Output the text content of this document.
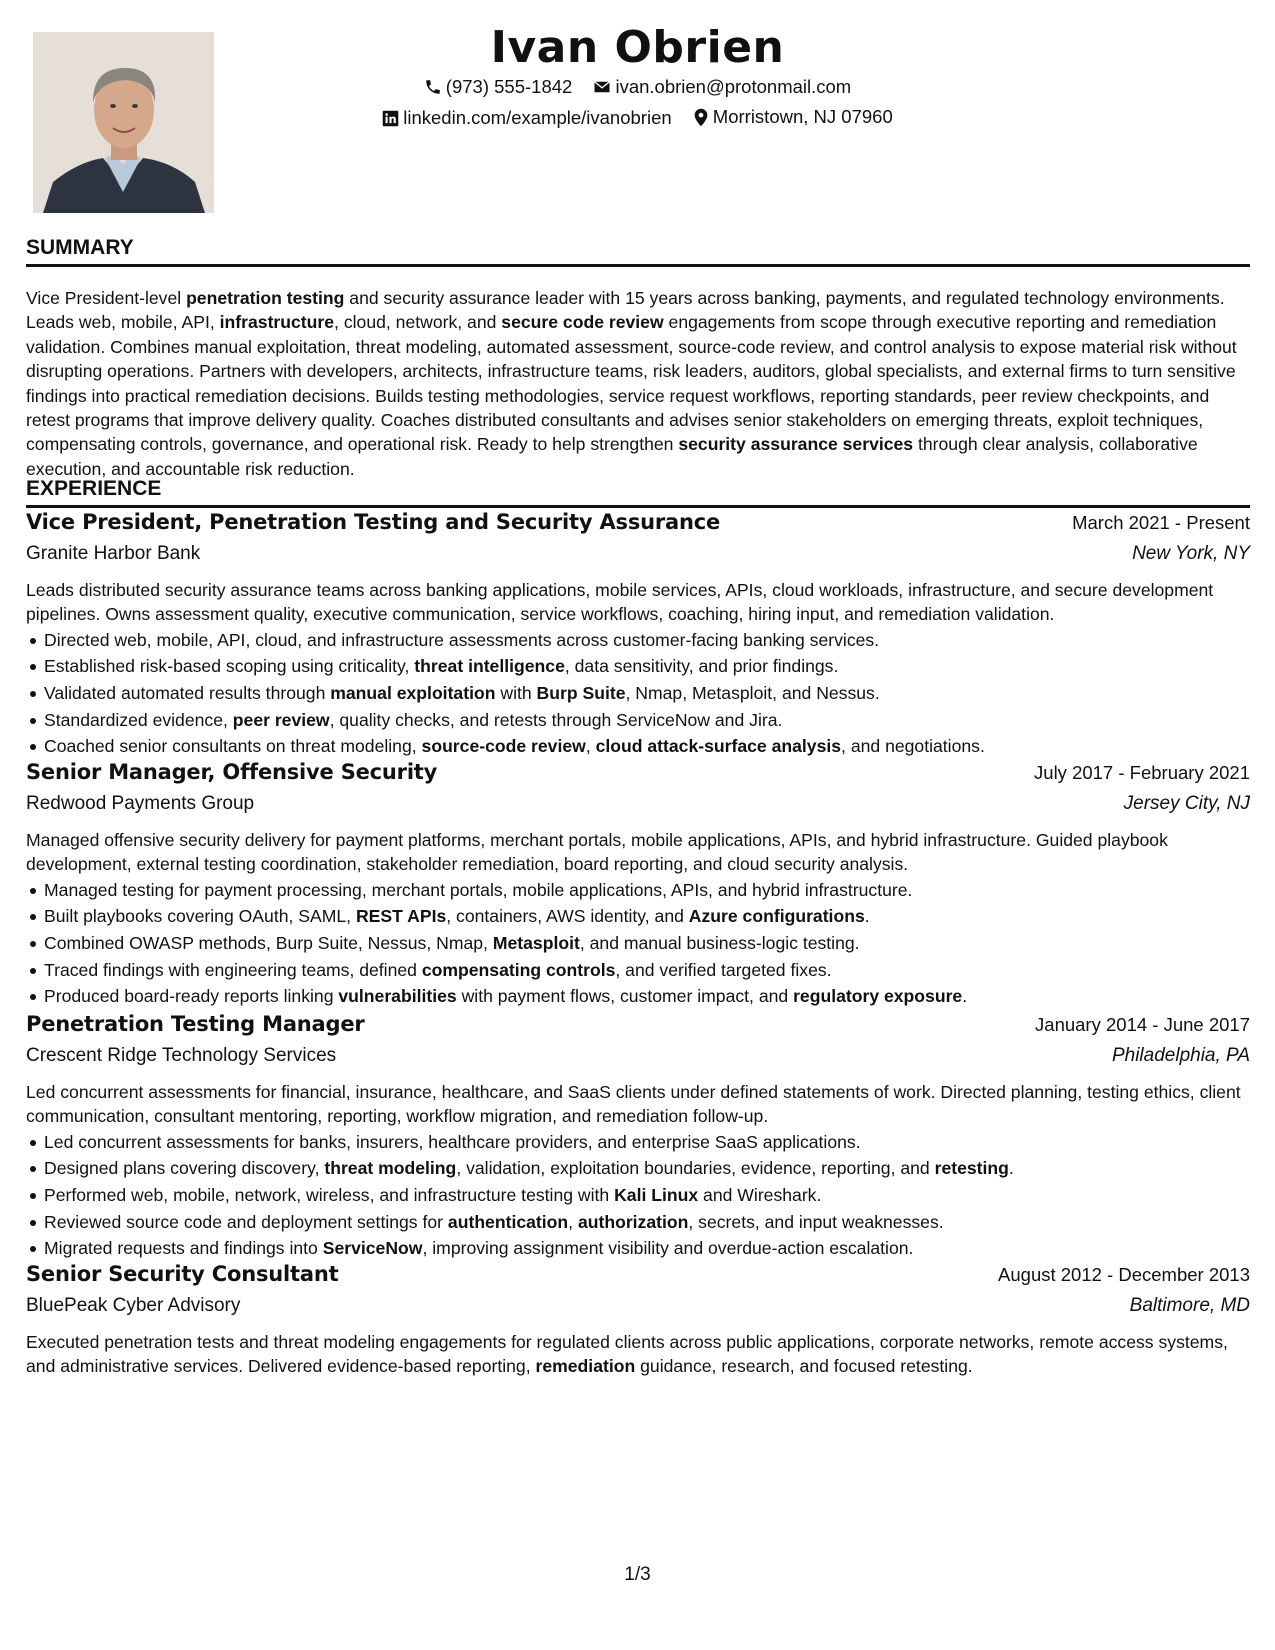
Ivan Obrien
(973) 555-1842
ivan.obrien@protonmail.com
linkedin.com/example/ivanobrien
Morristown, NJ 07960
SUMMARY
Vice President-level penetration testing and security assurance leader with 15 years across banking, payments, and regulated technology environments. Leads web, mobile, API, infrastructure, cloud, network, and secure code review engagements from scope through executive reporting and remediation validation. Combines manual exploitation, threat modeling, automated assessment, source-code review, and control analysis to expose material risk without disrupting operations. Partners with developers, architects, infrastructure teams, risk leaders, auditors, global specialists, and external firms to turn sensitive findings into practical remediation decisions. Builds testing methodologies, service request workflows, reporting standards, peer review checkpoints, and retest programs that improve delivery quality. Coaches distributed consultants and advises senior stakeholders on emerging threats, exploit techniques, compensating controls, governance, and operational risk. Ready to help strengthen security assurance services through clear analysis, collaborative execution, and accountable risk reduction.
EXPERIENCE
Vice President, Penetration Testing and Security Assurance	March 2021 - Present
Granite Harbor Bank	New York, NY
Leads distributed security assurance teams across banking applications, mobile services, APIs, cloud workloads, infrastructure, and secure development pipelines. Owns assessment quality, executive communication, service workflows, coaching, hiring input, and remediation validation.
Directed web, mobile, API, cloud, and infrastructure assessments across customer-facing banking services.
Established risk-based scoping using criticality, threat intelligence, data sensitivity, and prior findings.
Validated automated results through manual exploitation with Burp Suite, Nmap, Metasploit, and Nessus.
Standardized evidence, peer review, quality checks, and retests through ServiceNow and Jira.
Coached senior consultants on threat modeling, source-code review, cloud attack-surface analysis, and negotiations.
Senior Manager, Offensive Security	July 2017 - February 2021
Redwood Payments Group	Jersey City, NJ
Managed offensive security delivery for payment platforms, merchant portals, mobile applications, APIs, and hybrid infrastructure. Guided playbook development, external testing coordination, stakeholder remediation, board reporting, and cloud security analysis.
Managed testing for payment processing, merchant portals, mobile applications, APIs, and hybrid infrastructure.
Built playbooks covering OAuth, SAML, REST APIs, containers, AWS identity, and Azure configurations.
Combined OWASP methods, Burp Suite, Nessus, Nmap, Metasploit, and manual business-logic testing.
Traced findings with engineering teams, defined compensating controls, and verified targeted fixes.
Produced board-ready reports linking vulnerabilities with payment flows, customer impact, and regulatory exposure.
Penetration Testing Manager	January 2014 - June 2017
Crescent Ridge Technology Services	Philadelphia, PA
Led concurrent assessments for financial, insurance, healthcare, and SaaS clients under defined statements of work. Directed planning, testing ethics, client communication, consultant mentoring, reporting, workflow migration, and remediation follow-up.
Led concurrent assessments for banks, insurers, healthcare providers, and enterprise SaaS applications.
Designed plans covering discovery, threat modeling, validation, exploitation boundaries, evidence, reporting, and retesting.
Performed web, mobile, network, wireless, and infrastructure testing with Kali Linux and Wireshark.
Reviewed source code and deployment settings for authentication, authorization, secrets, and input weaknesses.
Migrated requests and findings into ServiceNow, improving assignment visibility and overdue-action escalation.
Senior Security Consultant	August 2012 - December 2013
BluePeak Cyber Advisory	Baltimore, MD
Executed penetration tests and threat modeling engagements for regulated clients across public applications, corporate networks, remote access systems, and administrative services. Delivered evidence-based reporting, remediation guidance, research, and focused retesting.
1/3
